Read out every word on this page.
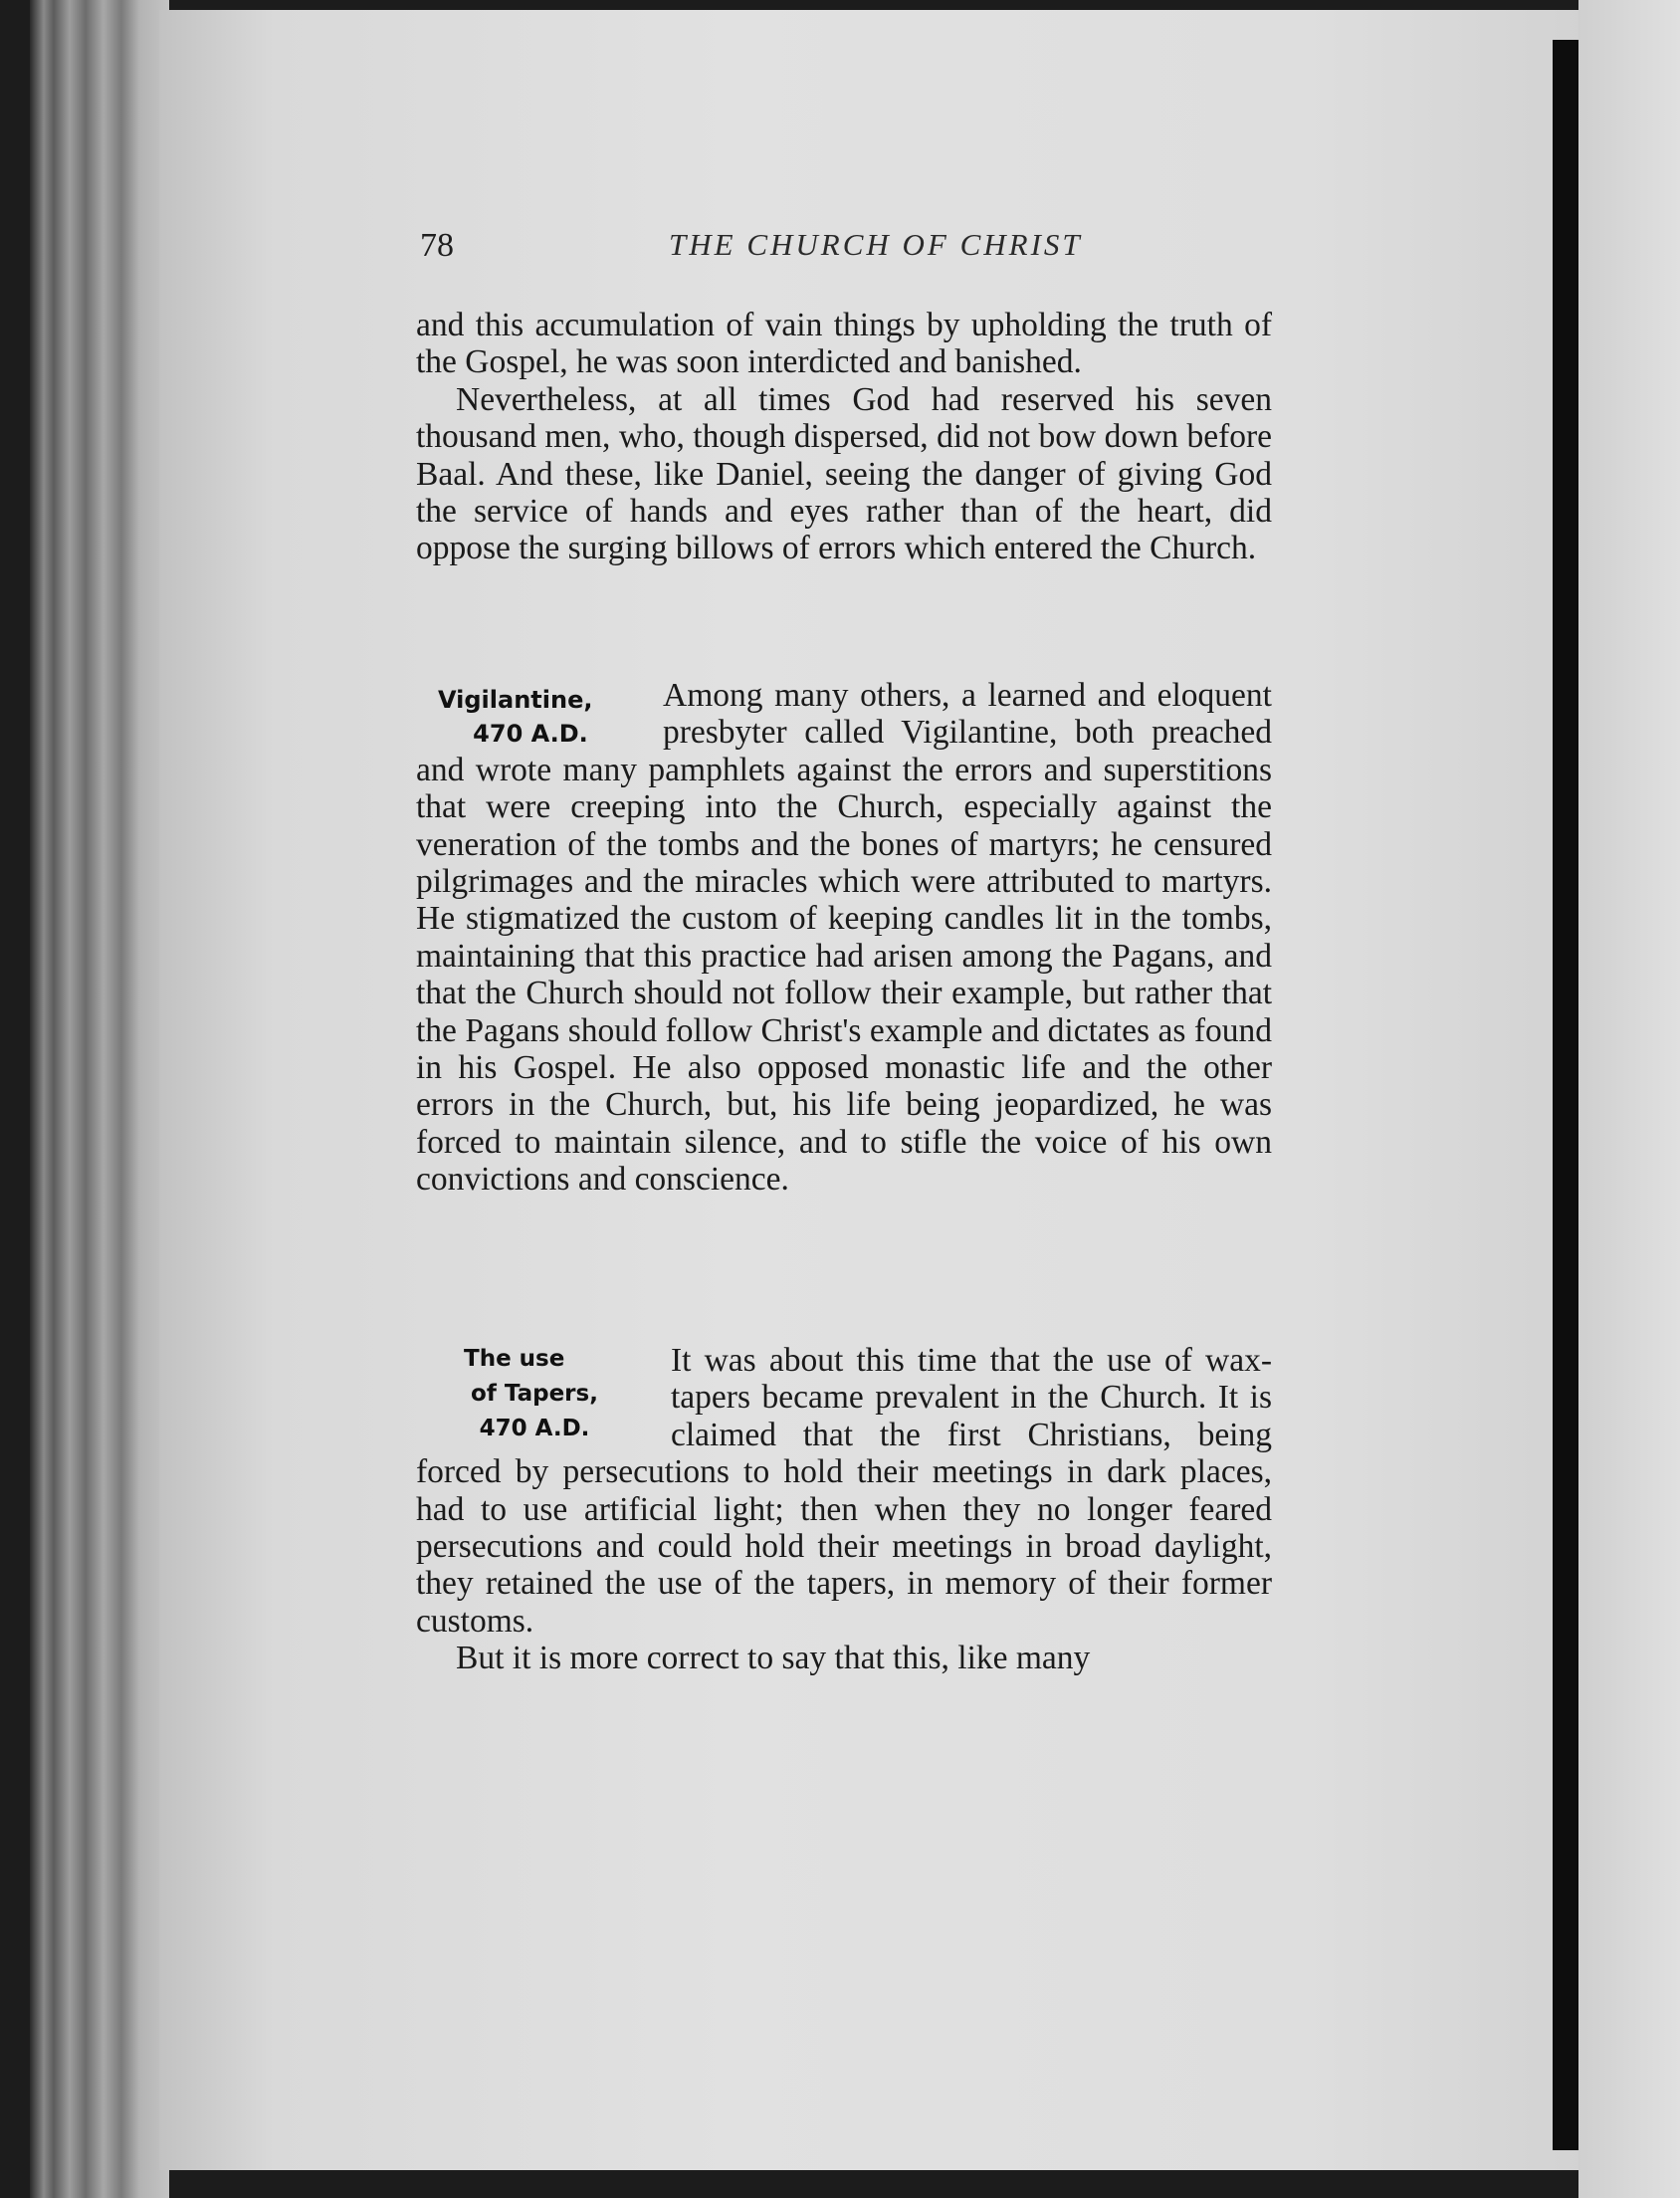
78	THE CHURCH OF CHRIST

and this accumulation of vain things by upholding the truth of the Gospel, he was soon interdicted and banished.

Nevertheless, at all times God had reserved his seven thousand men, who, though dispersed, did not bow down before Baal. And these, like Daniel, seeing the danger of giving God the service of hands and eyes rather than of the heart, did oppose the surging billows of errors which entered the Church.

Vigilantine,
470 A.D.

Among many others, a learned and eloquent presbyter called Vigilantine, both preached and wrote many pamphlets against the errors and superstitions that were creeping into the Church, especially against the veneration of the tombs and the bones of martyrs; he censured pilgrimages and the miracles which were attributed to martyrs. He stigmatized the custom of keeping candles lit in the tombs, maintaining that this practice had arisen among the Pagans, and that the Church should not follow their example, but rather that the Pagans should follow Christ's example and dictates as found in his Gospel. He also opposed monastic life and the other errors in the Church, but, his life being jeopardized, he was forced to maintain silence, and to stifle the voice of his own convictions and conscience.

The use
of Tapers,
470 A.D.

It was about this time that the use of wax-tapers became prevalent in the Church. It is claimed that the first Christians, being forced by persecutions to hold their meetings in dark places, had to use artificial light; then when they no longer feared persecutions and could hold their meetings in broad daylight, they retained the use of the tapers, in memory of their former customs.

But it is more correct to say that this, like many
